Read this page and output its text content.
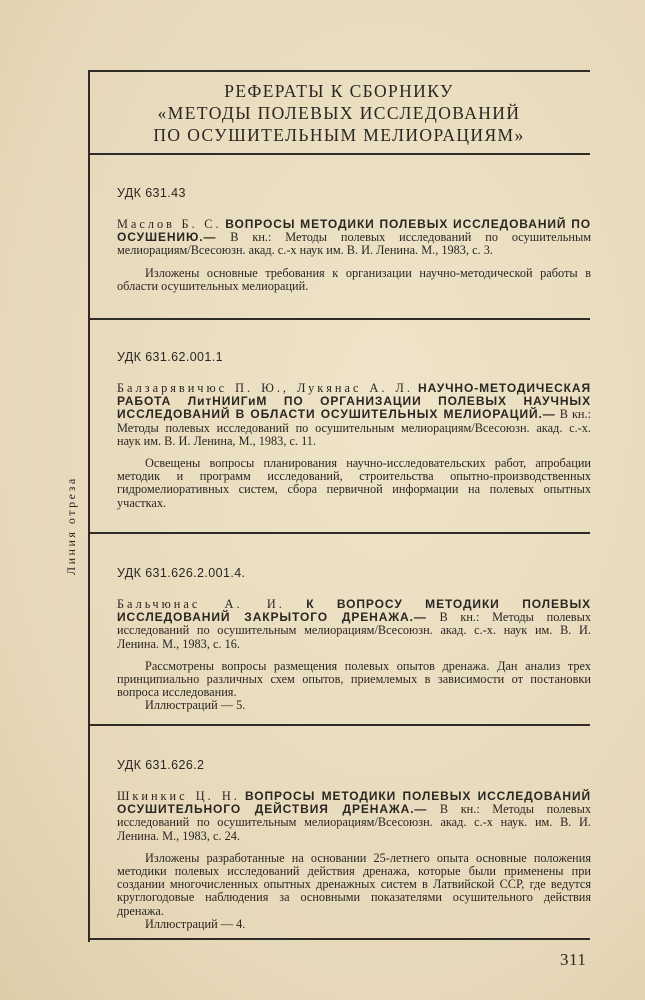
РЕФЕРАТЫ К СБОРНИКУ
«МЕТОДЫ ПОЛЕВЫХ ИССЛЕДОВАНИЙ
ПО ОСУШИТЕЛЬНЫМ МЕЛИОРАЦИЯМ»
УДК 631.43

Маслов Б. С. ВОПРОСЫ МЕТОДИКИ ПОЛЕВЫХ ИССЛЕДОВАНИЙ ПО ОСУШЕНИЮ.— В кн.: Методы полевых исследований по осушительным мелиорациям/Всесоюзн. акад. с.-х наук им. В. И. Ленина. М., 1983, с. 3.

Изложены основные требования к организации научно-методической работы в области осушительных мелиораций.

УДК 631.62.001.1

Балзарявичюс П. Ю., Лукянас А. Л. НАУЧНО-МЕТОДИЧЕСКАЯ РАБОТА ЛитНИИГиМ ПО ОРГАНИЗАЦИИ ПОЛЕВЫХ НАУЧНЫХ ИССЛЕДОВАНИЙ В ОБЛАСТИ ОСУШИТЕЛЬНЫХ МЕЛИОРАЦИЙ.— В кн.: Методы полевых исследований по осушительным мелиорациям/Всесоюзн. акад. с.-х. наук им. В. И. Ленина, М., 1983, с. 11.

Освещены вопросы планирования научно-исследовательских работ, апробации методик и программ исследований, строительства опытно-производственных гидромелиоративных систем, сбора первичной информации на полевых опытных участках.

УДК 631.626.2.001.4.

Бальчюнас А. И. К ВОПРОСУ МЕТОДИКИ ПОЛЕВЫХ ИССЛЕДОВАНИЙ ЗАКРЫТОГО ДРЕНАЖА.— В кн.: Методы полевых исследований по осушительным мелиорациям/Всесоюзн. акад. с.-х. наук им. В. И. Ленина. М., 1983, с. 16.

Рассмотрены вопросы размещения полевых опытов дренажа. Дан анализ трех принципиально различных схем опытов, приемлемых в зависимости от постановки вопроса исследования.

Иллюстраций — 5.

УДК 631.626.2

Шкинкис Ц. Н. ВОПРОСЫ МЕТОДИКИ ПОЛЕВЫХ ИССЛЕДОВАНИЙ ОСУШИТЕЛЬНОГО ДЕЙСТВИЯ ДРЕНАЖА.— В кн.: Методы полевых исследований по осушительным мелиорациям/Всесоюзн. акад. с.-х наук. им. В. И. Ленина. М., 1983, с. 24.

Изложены разработанные на основании 25-летнего опыта основные положения методики полевых исследований действия дренажа, которые были применены при создании многочисленных опытных дренажных систем в Латвийской ССР, где ведутся круглогодовые наблюдения за основными показателями осушительного действия дренажа.

Иллюстраций — 4.

Линия отреза
311
